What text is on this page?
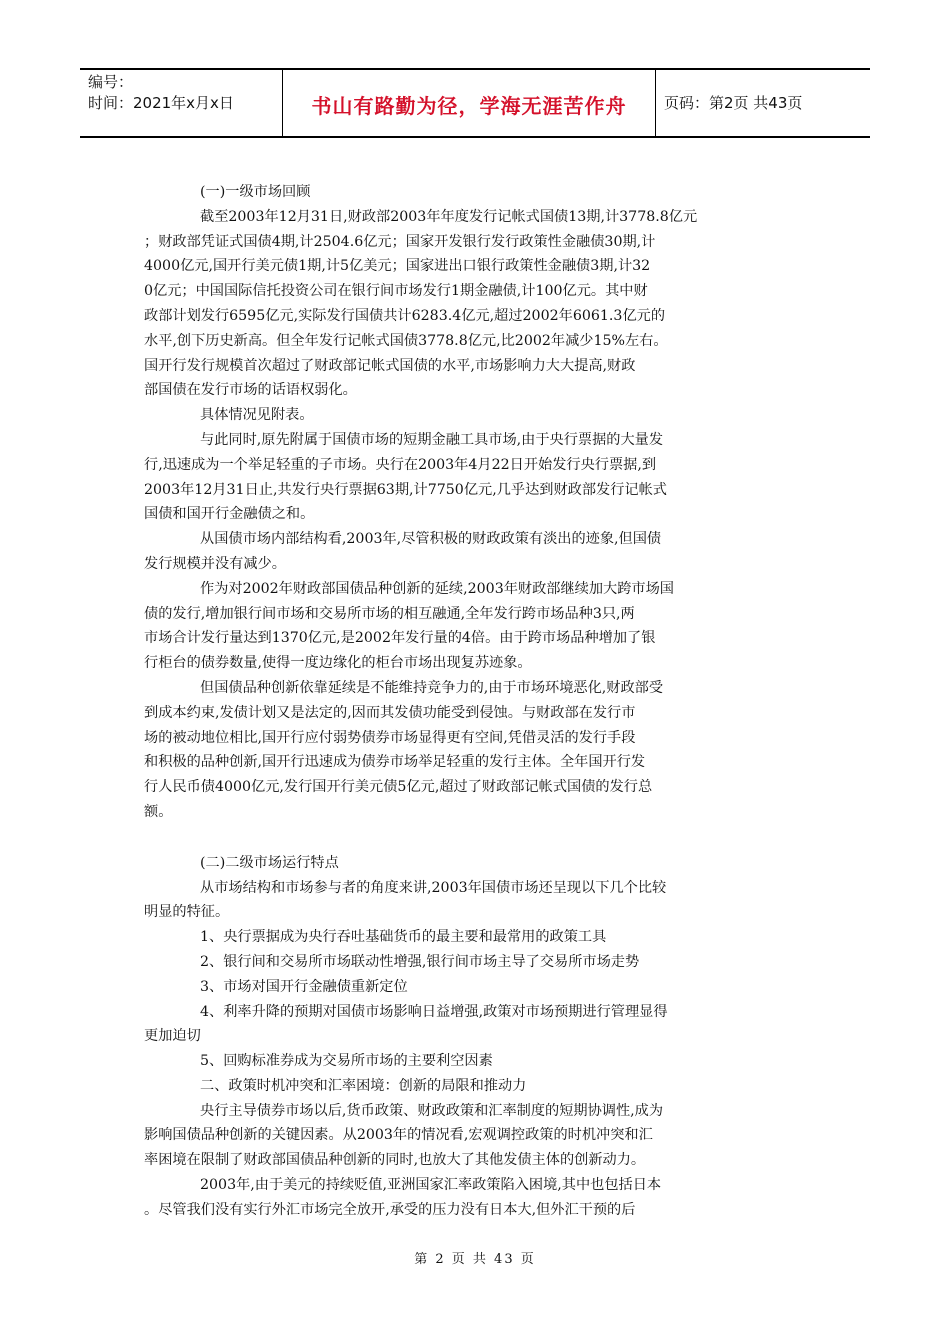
编号：
时间：2021年x月x日	书山有路勤为径，学海无涯苦作舟	页码：第2页 共43页
(一)一级市场回顾
截至2003年12月31日,财政部2003年年度发行记帐式国债13期,计3778.8亿元
；财政部凭证式国债4期,计2504.6亿元；国家开发银行发行政策性金融债30期,计
4000亿元,国开行美元债1期,计5亿美元；国家进出口银行政策性金融债3期,计32
0亿元；中国国际信托投资公司在银行间市场发行1期金融债,计100亿元。其中财
政部计划发行6595亿元,实际发行国债共计6283.4亿元,超过2002年6061.3亿元的
水平,创下历史新高。但全年发行记帐式国债3778.8亿元,比2002年减少15%左右。
国开行发行规模首次超过了财政部记帐式国债的水平,市场影响力大大提高,财政
部国债在发行市场的话语权弱化。
具体情况见附表。
与此同时,原先附属于国债市场的短期金融工具市场,由于央行票据的大量发
行,迅速成为一个举足轻重的子市场。央行在2003年4月22日开始发行央行票据,到
2003年12月31日止,共发行央行票据63期,计7750亿元,几乎达到财政部发行记帐式
国债和国开行金融债之和。
从国债市场内部结构看,2003年,尽管积极的财政政策有淡出的迹象,但国债
发行规模并没有减少。
作为对2002年财政部国债品种创新的延续,2003年财政部继续加大跨市场国
债的发行,增加银行间市场和交易所市场的相互融通,全年发行跨市场品种3只,两
市场合计发行量达到1370亿元,是2002年发行量的4倍。由于跨市场品种增加了银
行柜台的债券数量,使得一度边缘化的柜台市场出现复苏迹象。
但国债品种创新依靠延续是不能维持竞争力的,由于市场环境恶化,财政部受
到成本约束,发债计划又是法定的,因而其发债功能受到侵蚀。与财政部在发行市
场的被动地位相比,国开行应付弱势债券市场显得更有空间,凭借灵活的发行手段
和积极的品种创新,国开行迅速成为债券市场举足轻重的发行主体。全年国开行发
行人民币债4000亿元,发行国开行美元债5亿元,超过了财政部记帐式国债的发行总
额。
(二)二级市场运行特点
从市场结构和市场参与者的角度来讲,2003年国债市场还呈现以下几个比较
明显的特征。
1、央行票据成为央行吞吐基础货币的最主要和最常用的政策工具
2、银行间和交易所市场联动性增强,银行间市场主导了交易所市场走势
3、市场对国开行金融债重新定位
4、利率升降的预期对国债市场影响日益增强,政策对市场预期进行管理显得
更加迫切
5、回购标准券成为交易所市场的主要利空因素
二、政策时机冲突和汇率困境：创新的局限和推动力
央行主导债券市场以后,货币政策、财政政策和汇率制度的短期协调性,成为
影响国债品种创新的关键因素。从2003年的情况看,宏观调控政策的时机冲突和汇
率困境在限制了财政部国债品种创新的同时,也放大了其他发债主体的创新动力。
2003年,由于美元的持续贬值,亚洲国家汇率政策陷入困境,其中也包括日本
。尽管我们没有实行外汇市场完全放开,承受的压力没有日本大,但外汇干预的后
第 2 页 共 43 页
